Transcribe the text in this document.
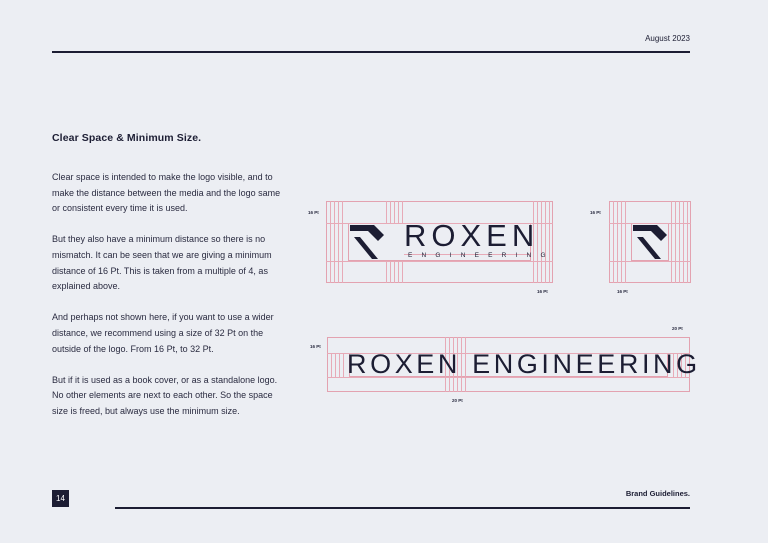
August 2023
Clear Space & Minimum Size.

Clear space is intended to make the logo visible, and to make the distance between the media and the logo same or consistent every time it is used.

But they also have a minimum distance so there is no mismatch. It can be seen that we are giving a minimum distance of 16 Pt. This is taken from a multiple of 4, as explained above.

And perhaps not shown here, if you want to use a wider distance, we recommend using a size of 32 Pt on the outside of the logo. From 16 Pt, to 32 Pt.

But if it is used as a book cover, or as a standalone logo. No other elements are next to each other. So the space size is freed, but always use the minimum size.

ROXEN
ENGINEERING
16 Pt
16 Pt
16 Pt
16 Pt
ROXEN ENGINEERING
16 Pt
20 Pt
20 Pt
14
Brand Guidelines.
